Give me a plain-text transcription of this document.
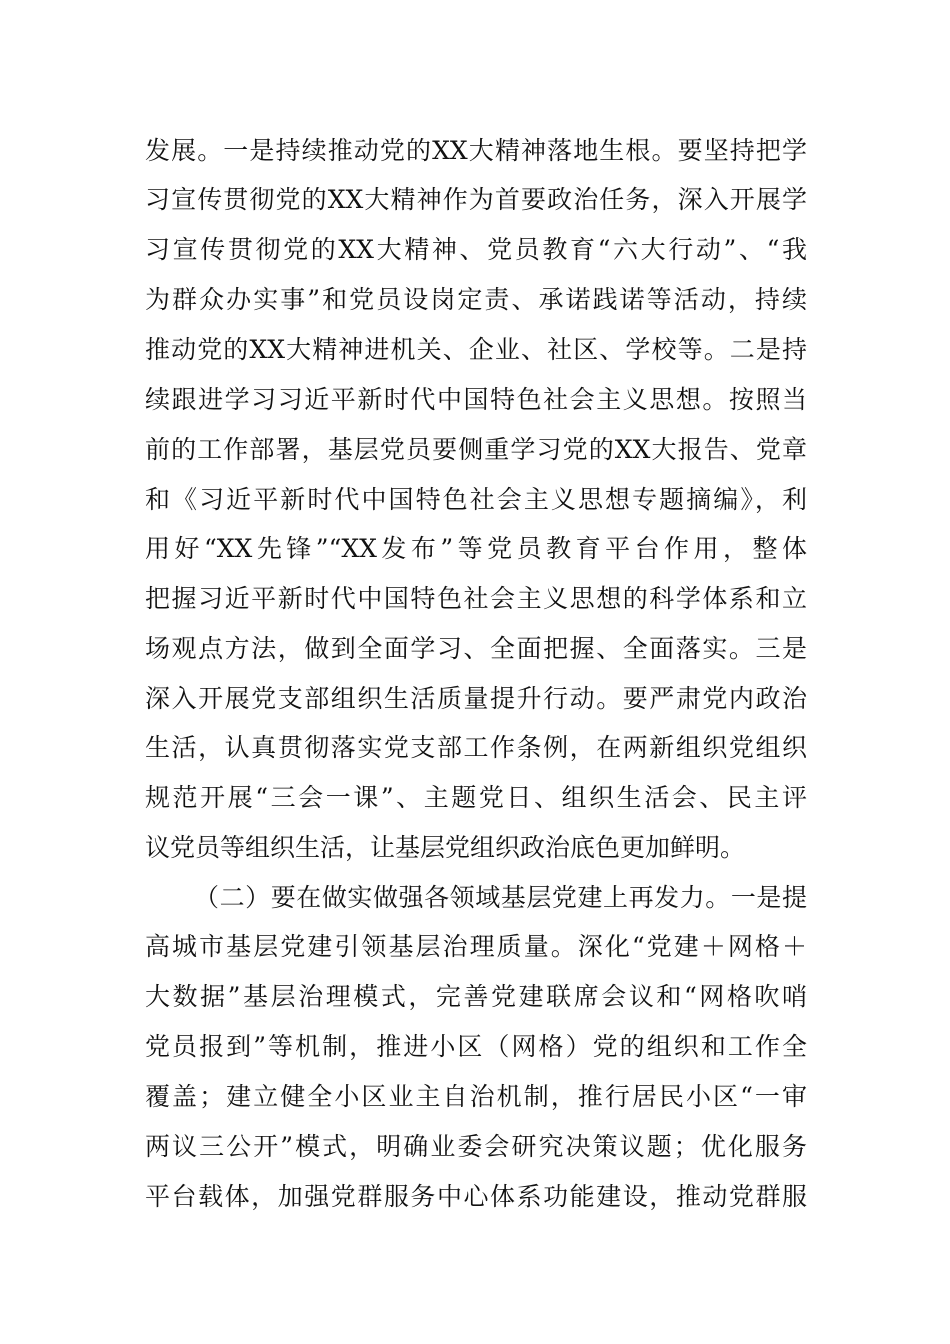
发展。一是持续推动党的XX大精神落地生根。要坚持把学
习宣传贯彻党的XX大精神作为首要政治任务，深入开展学
习宣传贯彻党的XX大精神、党员教育“六大行动”、“我
为群众办实事”和党员设岗定责、承诺践诺等活动，持续
推动党的XX大精神进机关、企业、社区、学校等。二是持
续跟进学习习近平新时代中国特色社会主义思想。按照当
前的工作部署，基层党员要侧重学习党的XX大报告、党章
和《习近平新时代中国特色社会主义思想专题摘编》，利
用好“XX先锋”“XX发布”等党员教育平台作用，整体
把握习近平新时代中国特色社会主义思想的科学体系和立
场观点方法，做到全面学习、全面把握、全面落实。三是
深入开展党支部组织生活质量提升行动。要严肃党内政治
生活，认真贯彻落实党支部工作条例，在两新组织党组织
规范开展“三会一课”、主题党日、组织生活会、民主评
议党员等组织生活，让基层党组织政治底色更加鲜明。
（二）要在做实做强各领域基层党建上再发力。一是提
高城市基层党建引领基层治理质量。深化“党建＋网格＋
大数据”基层治理模式，完善党建联席会议和“网格吹哨
党员报到”等机制，推进小区（网格）党的组织和工作全
覆盖；建立健全小区业主自治机制，推行居民小区“一审
两议三公开”模式，明确业委会研究决策议题；优化服务
平台载体，加强党群服务中心体系功能建设，推动党群服
